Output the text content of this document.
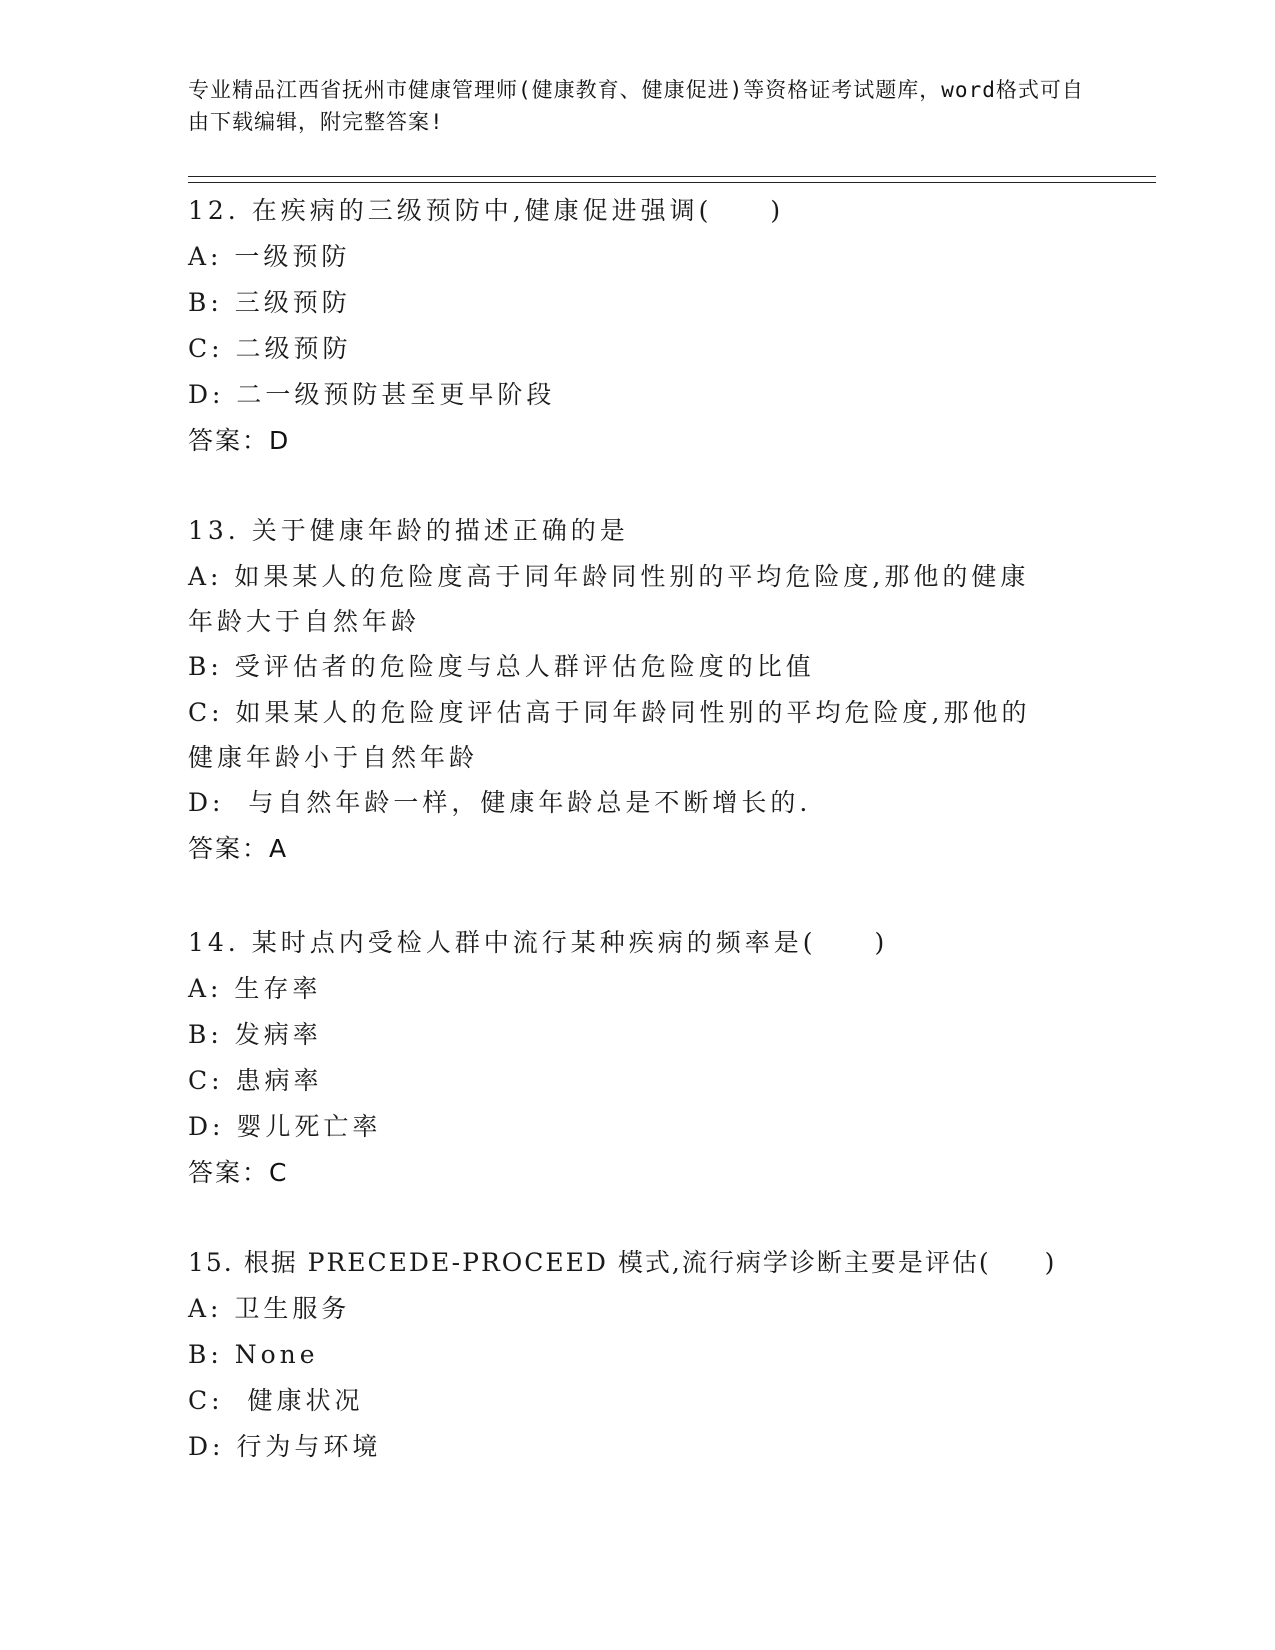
专业精品江西省抚州市健康管理师(健康教育、健康促进)等资格证考试题库，word格式可自由下载编辑，附完整答案!
12. 在疾病的三级预防中,健康促进强调(　　)
A: 一级预防
B: 三级预防
C: 二级预防
D: 二一级预防甚至更早阶段
答案：D
13. 关于健康年龄的描述正确的是
A: 如果某人的危险度高于同年龄同性别的平均危险度,那他的健康年龄大于自然年龄
B: 受评估者的危险度与总人群评估危险度的比值
C: 如果某人的危险度评估高于同年龄同性别的平均危险度,那他的健康年龄小于自然年龄
D:  与自然年龄一样，健康年龄总是不断增长的.
答案：A
14. 某时点内受检人群中流行某种疾病的频率是(　　)
A: 生存率
B: 发病率
C: 患病率
D: 婴儿死亡率
答案：C
15. 根据 PRECEDE-PROCEED 模式,流行病学诊断主要是评估(　　)
A: 卫生服务
B: None
C:  健康状况
D: 行为与环境
